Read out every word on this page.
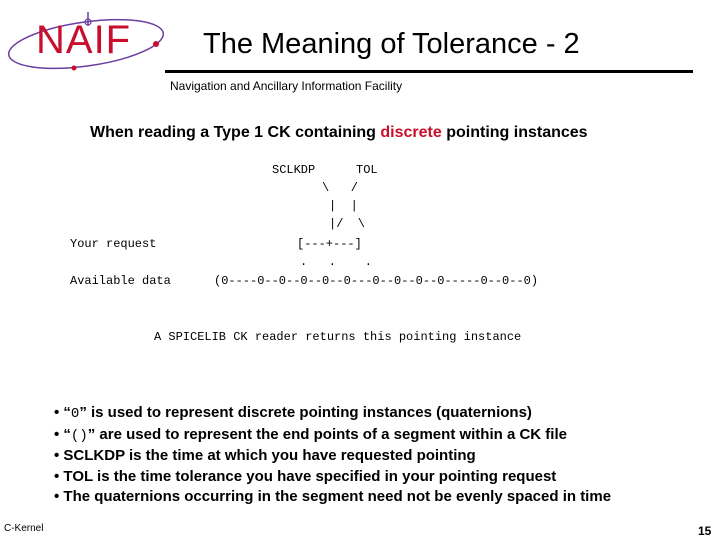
NAIF The Meaning of Tolerance - 2
Navigation and Ancillary Information Facility
When reading a Type 1 CK containing discrete pointing instances
SCLKDP	TOL
\   /
|  |
|/  \
Your request	[---+---]
.   .    .
Available data	(0----0--0--0--0--0---0--0--0--0-----0--0--0)
A SPICELIB CK reader returns this pointing instance
• “0” is used to represent discrete pointing instances (quaternions)
• “()” are used to represent the end points of a segment within a CK file
• SCLKDP is the time at which you have requested pointing
• TOL is the time tolerance you have specified in your pointing request
• The quaternions occurring in the segment need not be evenly spaced in time
C-Kernel	15
